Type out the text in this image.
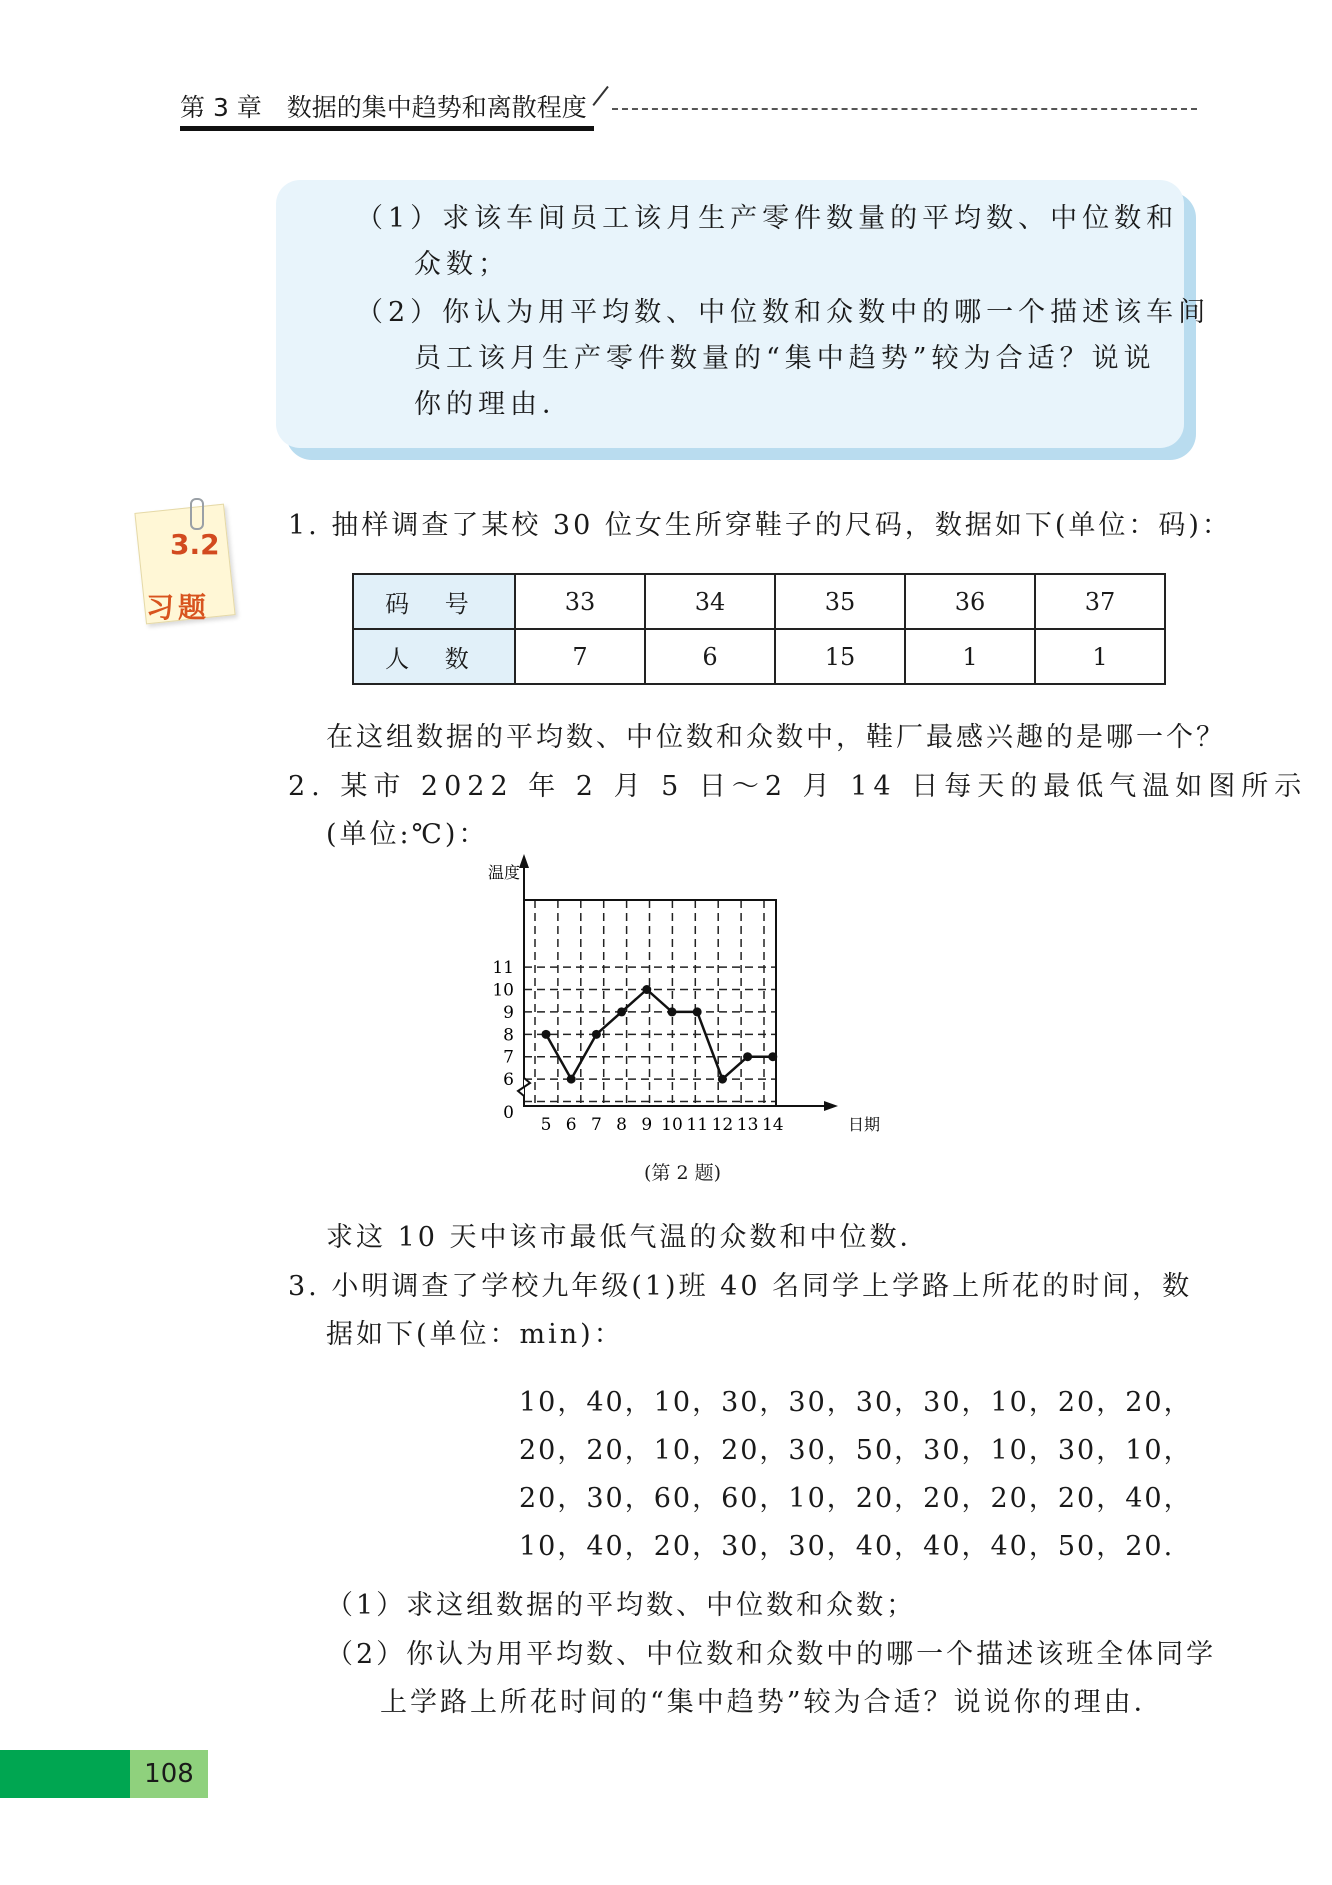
第 3 章　数据的集中趋势和离散程度
（1）求该车间员工该月生产零件数量的平均数、中位数和
众数；
（2）你认为用平均数、中位数和众数中的哪一个描述该车间
员工该月生产零件数量的“集中趋势”较为合适？说说
你的理由．
3.2
习题
1. 抽样调查了某校 30 位女生所穿鞋子的尺码，数据如下(单位：码)：
码 号	33	34	35	36	37
人 数	7	6	15	1	1
在这组数据的平均数、中位数和众数中，鞋厂最感兴趣的是哪一个？
2. 某市 2022 年 2 月 5 日～2 月 14 日每天的最低气温如图所示
(单位:℃)：
温度
日期
0
11
10
9
8
7
6
5 6 7 8 9 10 11 12 13 14
(第 2 题)
求这 10 天中该市最低气温的众数和中位数．
3. 小明调查了学校九年级(1)班 40 名同学上学路上所花的时间，数
据如下(单位：min)：
10，40，10，30，30，30，30，10，20，20，
20，20，10，20，30，50，30，10，30，10，
20，30，60，60，10，20，20，20，20，40，
10，40，20，30，30，40，40，40，50，20.
（1）求这组数据的平均数、中位数和众数；
（2）你认为用平均数、中位数和众数中的哪一个描述该班全体同学
上学路上所花时间的“集中趋势”较为合适？说说你的理由．
108
